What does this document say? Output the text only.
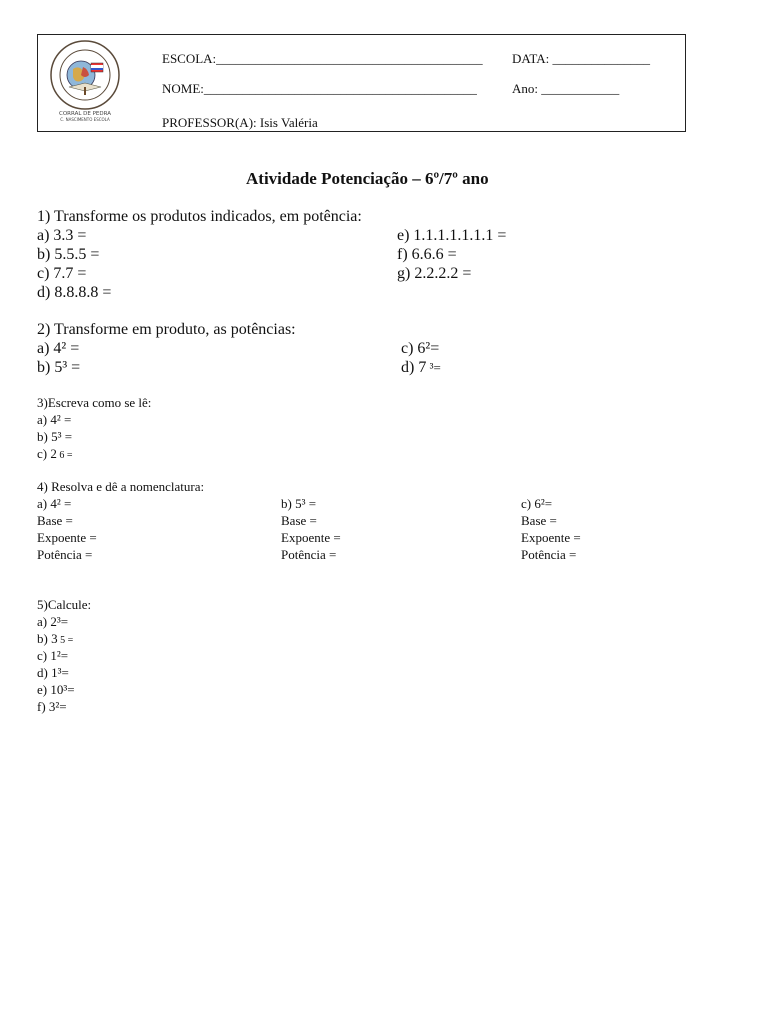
CORRAL DE PEDRA
C. NASCIMENTO ESCOLA
ESCOLA:_________________________________________ DATA: _______________
NOME:__________________________________________	Ano: ____________
PROFESSOR(A): Isis Valéria
Atividade Potenciação – 6º/7º ano
1) Transforme os produtos indicados, em potência:
a) 3.3 =
b) 5.5.5 =
c) 7.7 =
d) 8.8.8.8 =
e) 1.1.1.1.1.1.1 =
f) 6.6.6 =
g) 2.2.2.2 =
2) Transforme em produto, as potências:
a) 4² =
b) 5³ =
c) 6²=
d) 7 ³=
3)Escreva como se lê:
a) 4² =
b) 5³ =
c) 2 6 =
4) Resolva e dê a nomenclatura:
a) 4² =
Base =
Expoente =
Potência =
b) 5³ =
Base =
Expoente =
Potência =
c) 6²=
Base =
Expoente =
Potência =
5)Calcule:
a) 2³=
b) 3 5 =
c) 1²=
d) 1³=
e) 10³=
f) 3²=
